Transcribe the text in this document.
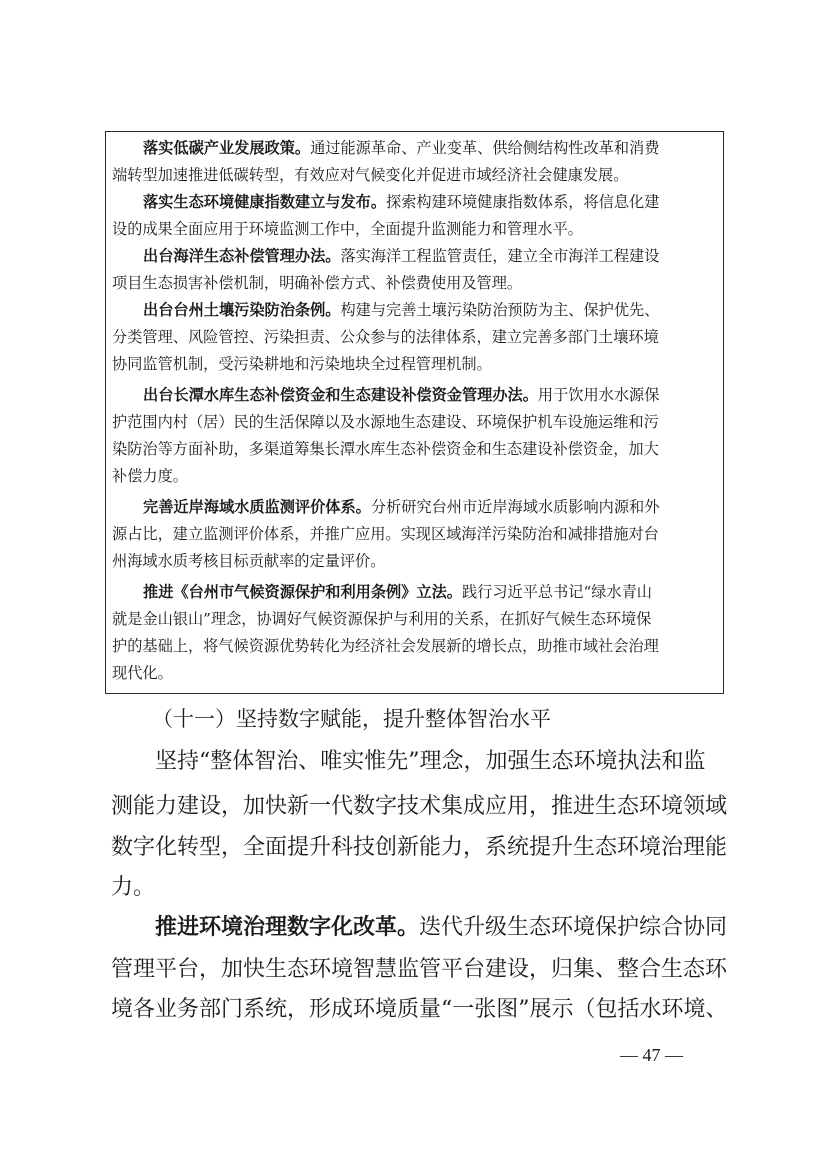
落实低碳产业发展政策。通过能源革命、产业变革、供给侧结构性改革和消费
端转型加速推进低碳转型，有效应对气候变化并促进市域经济社会健康发展。
落实生态环境健康指数建立与发布。探索构建环境健康指数体系，将信息化建
设的成果全面应用于环境监测工作中，全面提升监测能力和管理水平。
出台海洋生态补偿管理办法。落实海洋工程监管责任，建立全市海洋工程建设
项目生态损害补偿机制，明确补偿方式、补偿费使用及管理。
出台台州土壤污染防治条例。构建与完善土壤污染防治预防为主、保护优先、
分类管理、风险管控、污染担责、公众参与的法律体系，建立完善多部门土壤环境
协同监管机制，受污染耕地和污染地块全过程管理机制。
出台长潭水库生态补偿资金和生态建设补偿资金管理办法。用于饮用水水源保
护范围内村（居）民的生活保障以及水源地生态建设、环境保护机车设施运维和污
染防治等方面补助，多渠道筹集长潭水库生态补偿资金和生态建设补偿资金，加大
补偿力度。
完善近岸海域水质监测评价体系。分析研究台州市近岸海域水质影响内源和外
源占比，建立监测评价体系，并推广应用。实现区域海洋污染防治和减排措施对台
州海域水质考核目标贡献率的定量评价。
推进《台州市气候资源保护和利用条例》立法。践行习近平总书记“绿水青山
就是金山银山”理念，协调好气候资源保护与利用的关系，在抓好气候生态环境保
护的基础上，将气候资源优势转化为经济社会发展新的增长点，助推市域社会治理
现代化。
（十一）坚持数字赋能，提升整体智治水平
坚持“整体智治、唯实惟先”理念，加强生态环境执法和监
测能力建设，加快新一代数字技术集成应用，推进生态环境领域
数字化转型，全面提升科技创新能力，系统提升生态环境治理能
力。
推进环境治理数字化改革。迭代升级生态环境保护综合协同
管理平台，加快生态环境智慧监管平台建设，归集、整合生态环
境各业务部门系统，形成环境质量“一张图”展示（包括水环境、
— 47 —
